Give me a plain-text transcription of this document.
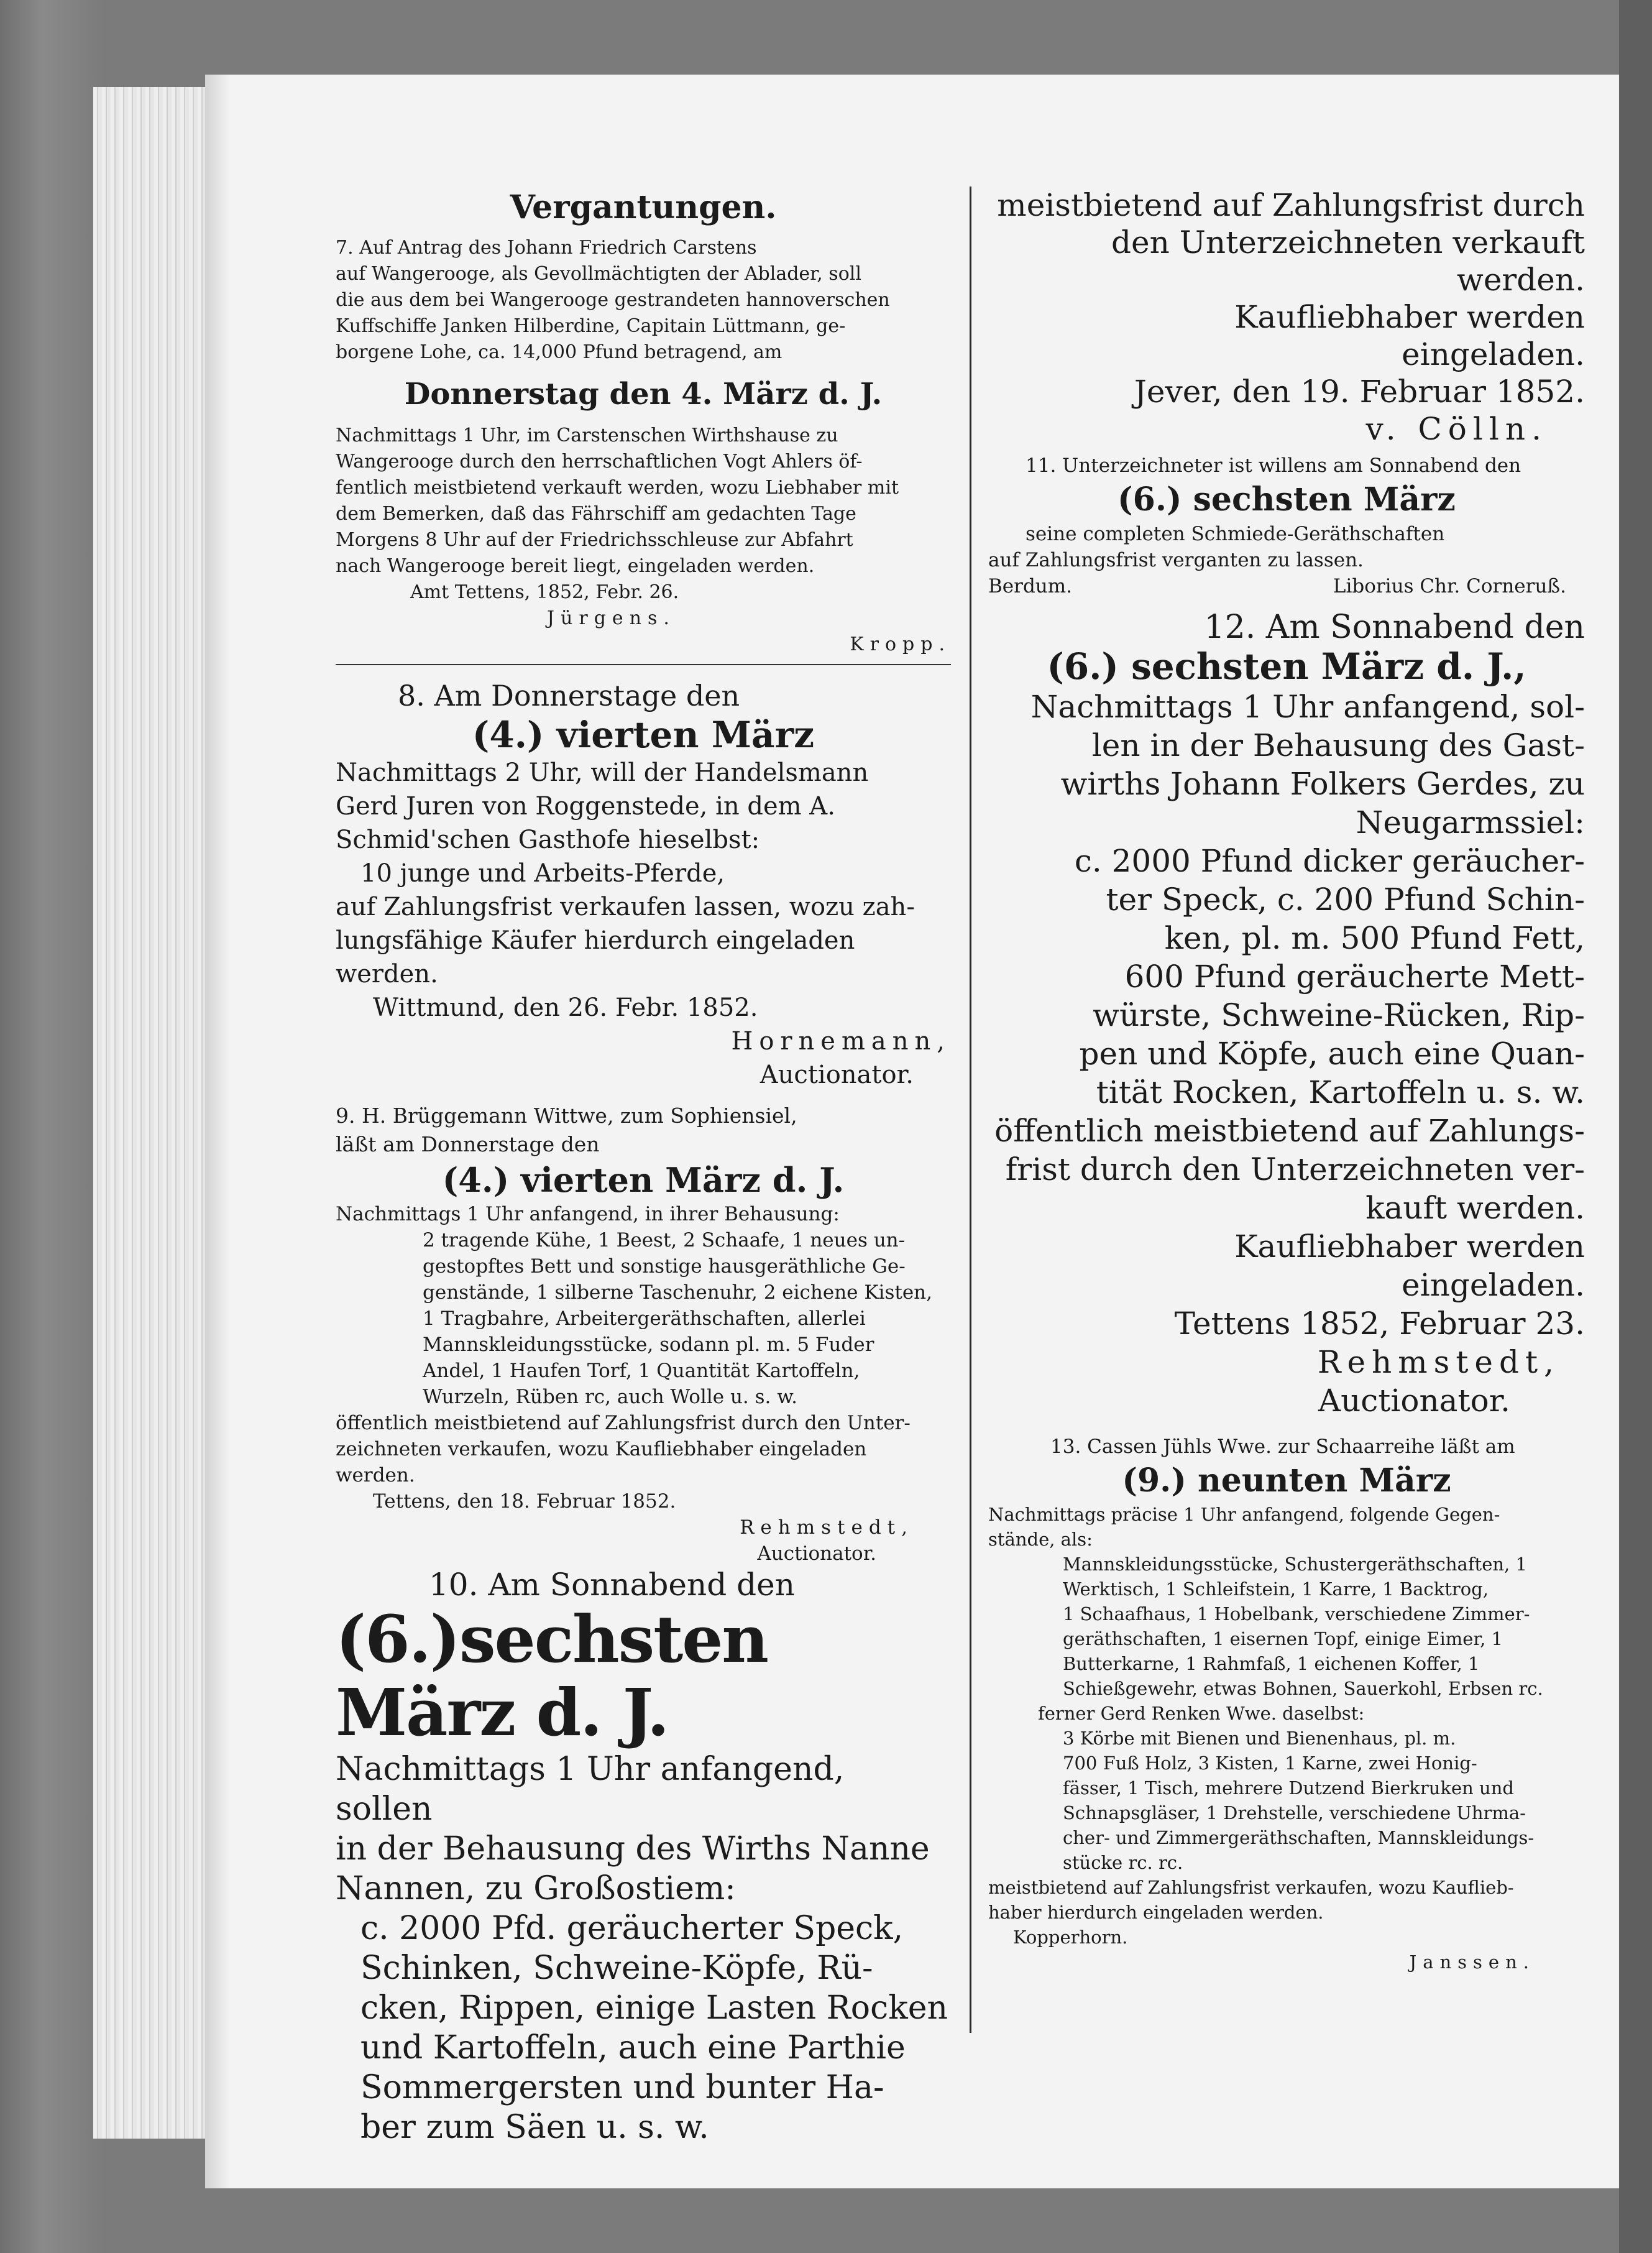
Vergantungen.
7. Auf Antrag des Johann Friedrich Carstens
auf Wangerooge, als Gevollmächtigten der Ablader, soll
die aus dem bei Wangerooge gestrandeten hannoverschen
Kuffschiffe Janken Hilberdine, Capitain Lüttmann, ge-
borgene Lohe, ca. 14,000 Pfund betragend, am
Donnerstag den 4. März d. J.
Nachmittags 1 Uhr, im Carstenschen Wirthshause zu
Wangerooge durch den herrschaftlichen Vogt Ahlers öf-
fentlich meistbietend verkauft werden, wozu Liebhaber mit
dem Bemerken, daß das Fährschiff am gedachten Tage
Morgens 8 Uhr auf der Friedrichsschleuse zur Abfahrt
nach Wangerooge bereit liegt, eingeladen werden.
Amt Tettens, 1852, Febr. 26.
Jürgens.
Kropp.
8. Am Donnerstage den
(4.) vierten März
Nachmittags 2 Uhr, will der Handelsmann
Gerd Juren von Roggenstede, in dem A.
Schmid'schen Gasthofe hieselbst:
10 junge und Arbeits-Pferde,
auf Zahlungsfrist verkaufen lassen, wozu zah-
lungsfähige Käufer hierdurch eingeladen werden.
Wittmund, den 26. Febr. 1852.
Hornemann,
Auctionator.
9. H. Brüggemann Wittwe, zum Sophiensiel,
läßt am Donnerstage den
(4.) vierten März d. J.
Nachmittags 1 Uhr anfangend, in ihrer Behausung:
2 tragende Kühe, 1 Beest, 2 Schaafe, 1 neues un-
gestopftes Bett und sonstige hausgeräthliche Ge-
genstände, 1 silberne Taschenuhr, 2 eichene Kisten,
1 Tragbahre, Arbeitergeräthschaften, allerlei
Mannskleidungsstücke, sodann pl. m. 5 Fuder
Andel, 1 Haufen Torf, 1 Quantität Kartoffeln,
Wurzeln, Rüben rc, auch Wolle u. s. w.
öffentlich meistbietend auf Zahlungsfrist durch den Unter-
zeichneten verkaufen, wozu Kaufliebhaber eingeladen
werden.
Tettens, den 18. Februar 1852.
Rehmstedt,
Auctionator.
10. Am Sonnabend den
(6.)sechsten März d. J.
Nachmittags 1 Uhr anfangend, sollen
in der Behausung des Wirths Nanne
Nannen, zu Großostiem:
c. 2000 Pfd. geräucherter Speck,
Schinken, Schweine-Köpfe, Rü-
cken, Rippen, einige Lasten Rocken
und Kartoffeln, auch eine Parthie
Sommergersten und bunter Ha-
ber zum Säen u. s. w.
meistbietend auf Zahlungsfrist durch
den Unterzeichneten verkauft werden.
Kaufliebhaber werden eingeladen.
Jever, den 19. Februar 1852.
v. Cölln.
11. Unterzeichneter ist willens am Sonnabend den
(6.) sechsten März
seine completen Schmiede-Geräthschaften
auf Zahlungsfrist verganten zu lassen.
Berdum.	Liborius Chr. Corneruß.
12. Am Sonnabend den
(6.) sechsten März d. J.,
Nachmittags 1 Uhr anfangend, sol-
len in der Behausung des Gast-
wirths Johann Folkers Gerdes, zu
Neugarmssiel:
c. 2000 Pfund dicker geräucher-
ter Speck, c. 200 Pfund Schin-
ken, pl. m. 500 Pfund Fett,
600 Pfund geräucherte Mett-
würste, Schweine-Rücken, Rip-
pen und Köpfe, auch eine Quan-
tität Rocken, Kartoffeln u. s. w.
öffentlich meistbietend auf Zahlungs-
frist durch den Unterzeichneten ver-
kauft werden.
Kaufliebhaber werden eingeladen.
Tettens 1852, Februar 23.
Rehmstedt,
Auctionator.
13. Cassen Jühls Wwe. zur Schaarreihe läßt am
(9.) neunten März
Nachmittags präcise 1 Uhr anfangend, folgende Gegen-
stände, als:
Mannskleidungsstücke, Schustergeräthschaften, 1
Werktisch, 1 Schleifstein, 1 Karre, 1 Backtrog,
1 Schaafhaus, 1 Hobelbank, verschiedene Zimmer-
geräthschaften, 1 eisernen Topf, einige Eimer, 1
Butterkarne, 1 Rahmfaß, 1 eichenen Koffer, 1
Schießgewehr, etwas Bohnen, Sauerkohl, Erbsen rc.
ferner Gerd Renken Wwe. daselbst:
3 Körbe mit Bienen und Bienenhaus, pl. m.
700 Fuß Holz, 3 Kisten, 1 Karne, zwei Honig-
fässer, 1 Tisch, mehrere Dutzend Bierkruken und
Schnapsgläser, 1 Drehstelle, verschiedene Uhrma-
cher- und Zimmergeräthschaften, Mannskleidungs-
stücke rc. rc.
meistbietend auf Zahlungsfrist verkaufen, wozu Kauflieb-
haber hierdurch eingeladen werden.
Kopperhorn.
Janssen.
